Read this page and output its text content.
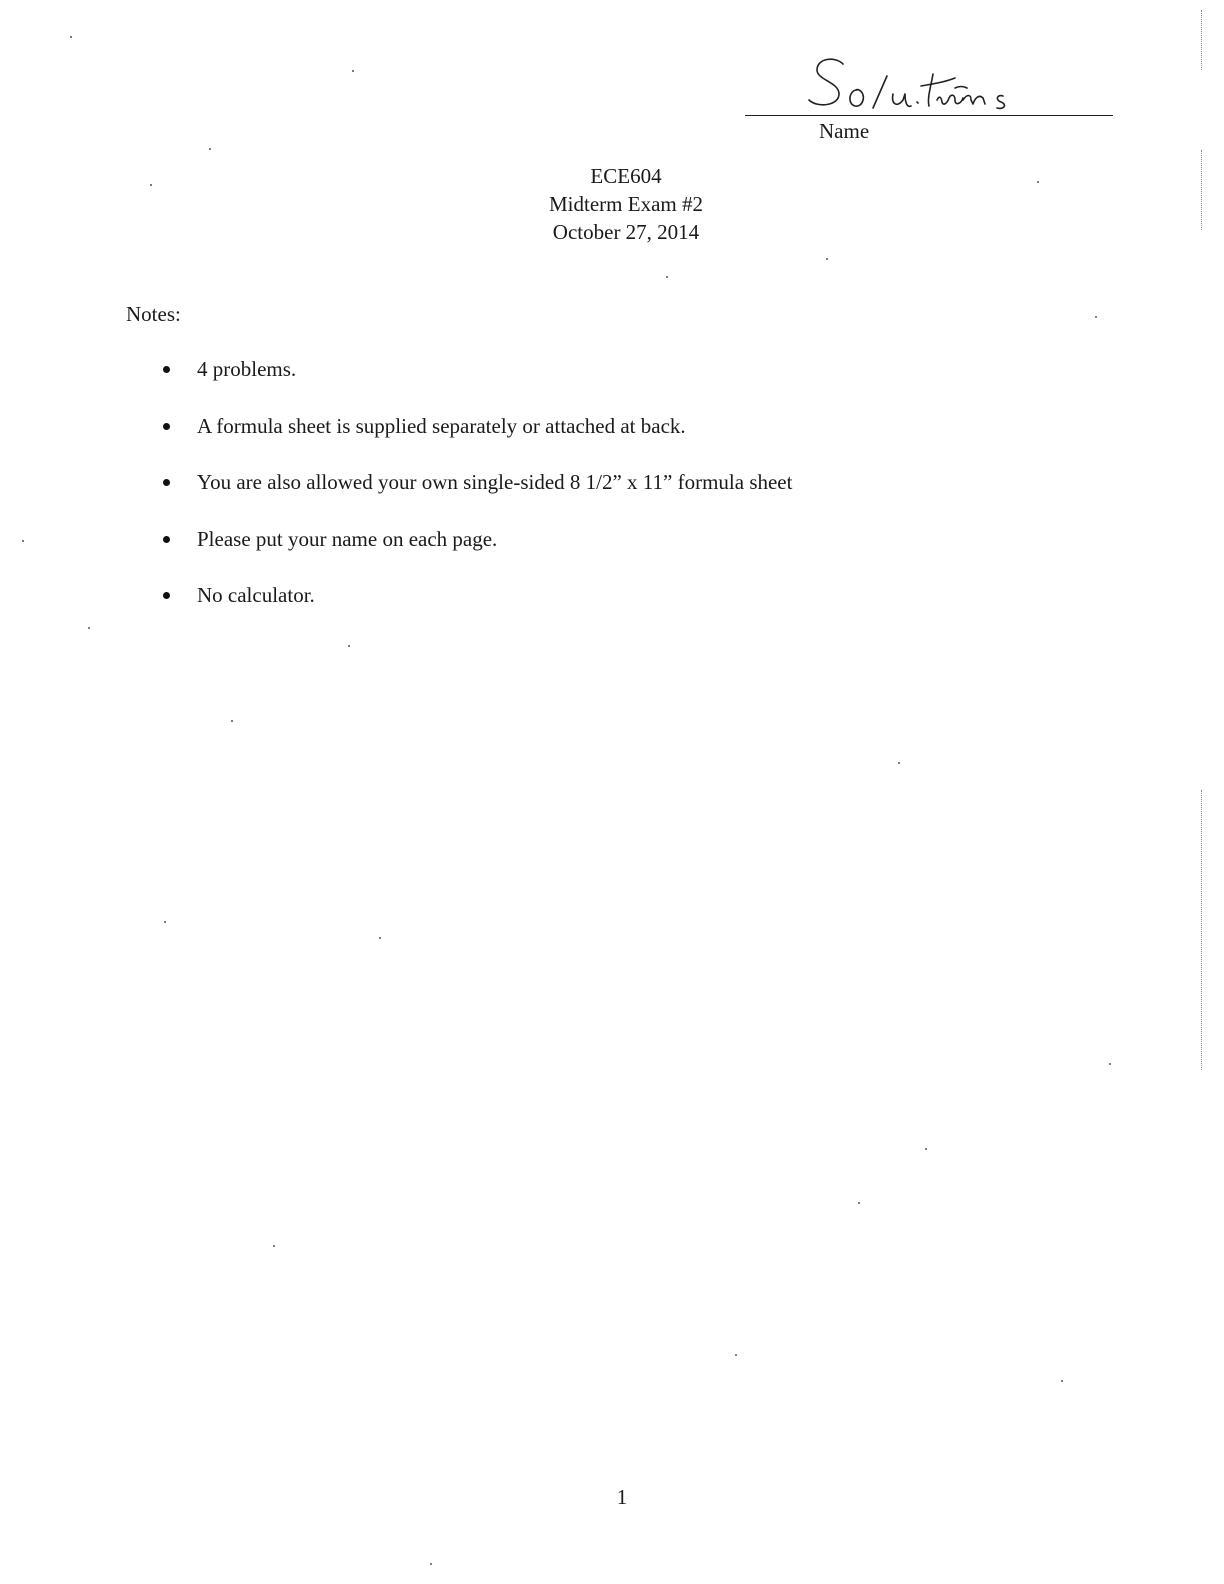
Name
ECE604
Midterm Exam #2
October 27, 2014
Notes:
4 problems.
A formula sheet is supplied separately or attached at back.
You are also allowed your own single-sided 8 1/2” x 11” formula sheet
Please put your name on each page.
No calculator.
1
